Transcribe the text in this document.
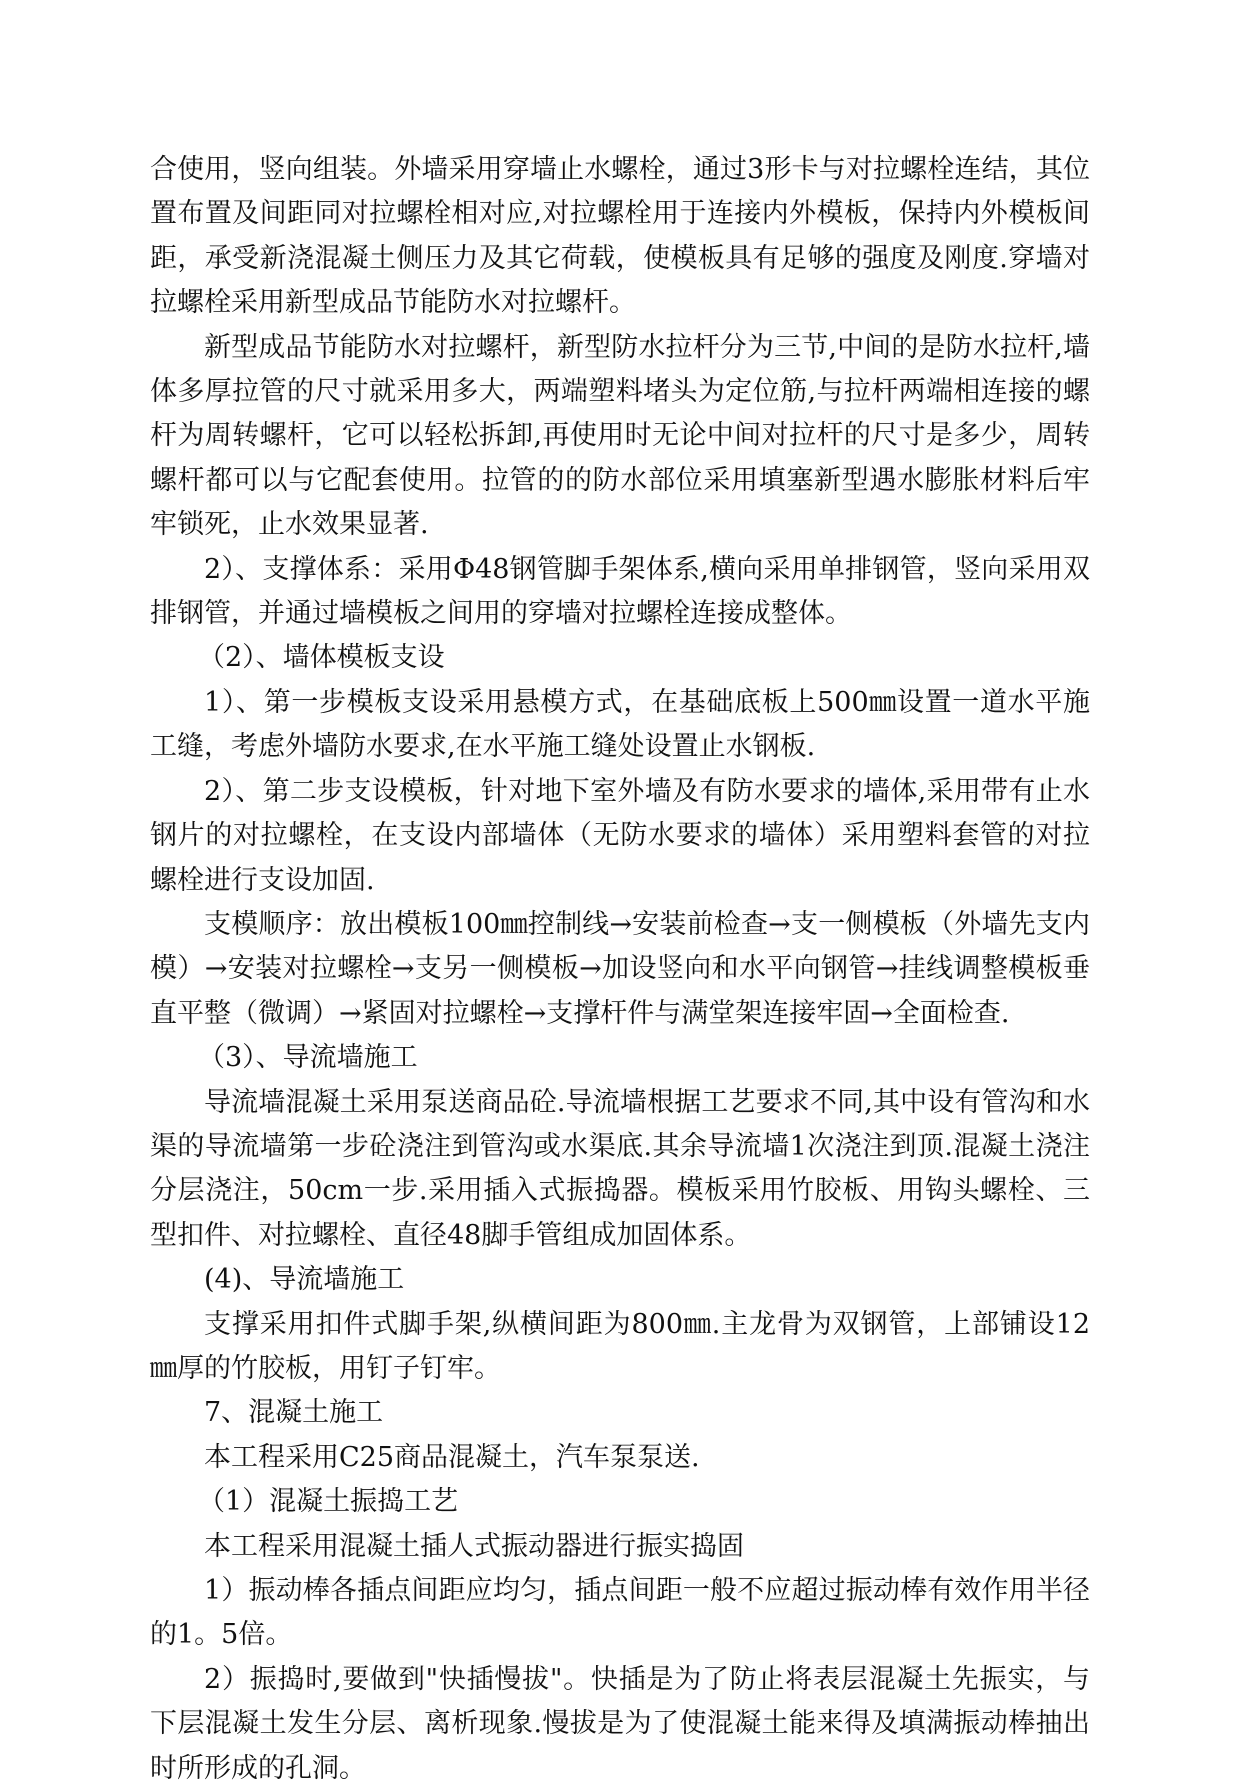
合使用，竖向组装。外墙采用穿墙止水螺栓，通过3形卡与对拉螺栓连结，其位置布置及间距同对拉螺栓相对应,对拉螺栓用于连接内外模板，保持内外模板间距，承受新浇混凝土侧压力及其它荷载，使模板具有足够的强度及刚度.穿墙对拉螺栓采用新型成品节能防水对拉螺杆。

新型成品节能防水对拉螺杆，新型防水拉杆分为三节,中间的是防水拉杆,墙体多厚拉管的尺寸就采用多大，两端塑料堵头为定位筋,与拉杆两端相连接的螺杆为周转螺杆，它可以轻松拆卸,再使用时无论中间对拉杆的尺寸是多少，周转螺杆都可以与它配套使用。拉管的的防水部位采用填塞新型遇水膨胀材料后牢牢锁死，止水效果显著.

2）、支撑体系：采用Φ48钢管脚手架体系,横向采用单排钢管，竖向采用双排钢管，并通过墙模板之间用的穿墙对拉螺栓连接成整体。

（2）、墙体模板支设

1）、第一步模板支设采用悬模方式，在基础底板上500㎜设置一道水平施工缝，考虑外墙防水要求,在水平施工缝处设置止水钢板.

2）、第二步支设模板，针对地下室外墙及有防水要求的墙体,采用带有止水钢片的对拉螺栓，在支设内部墙体（无防水要求的墙体）采用塑料套管的对拉螺栓进行支设加固.

支模顺序：放出模板100㎜控制线→安装前检查→支一侧模板（外墙先支内模）→安装对拉螺栓→支另一侧模板→加设竖向和水平向钢管→挂线调整模板垂直平整（微调）→紧固对拉螺栓→支撑杆件与满堂架连接牢固→全面检查.

（3）、导流墙施工

导流墙混凝土采用泵送商品砼.导流墙根据工艺要求不同,其中设有管沟和水渠的导流墙第一步砼浇注到管沟或水渠底.其余导流墙1次浇注到顶.混凝土浇注分层浇注，50cm一步.采用插入式振捣器。模板采用竹胶板、用钩头螺栓、三型扣件、对拉螺栓、直径48脚手管组成加固体系。

(4)、导流墙施工

支撑采用扣件式脚手架,纵横间距为800㎜.主龙骨为双钢管，上部铺设12㎜厚的竹胶板，用钉子钉牢。

7、混凝土施工

本工程采用C25商品混凝土，汽车泵泵送.

（1）混凝土振捣工艺

本工程采用混凝土插人式振动器进行振实捣固

1）振动棒各插点间距应均匀，插点间距一般不应超过振动棒有效作用半径的1。5倍。

2）振捣时,要做到"快插慢拔"。快插是为了防止将表层混凝土先振实，与下层混凝土发生分层、离析现象.慢拔是为了使混凝土能来得及填满振动棒抽出时所形成的孔洞。
